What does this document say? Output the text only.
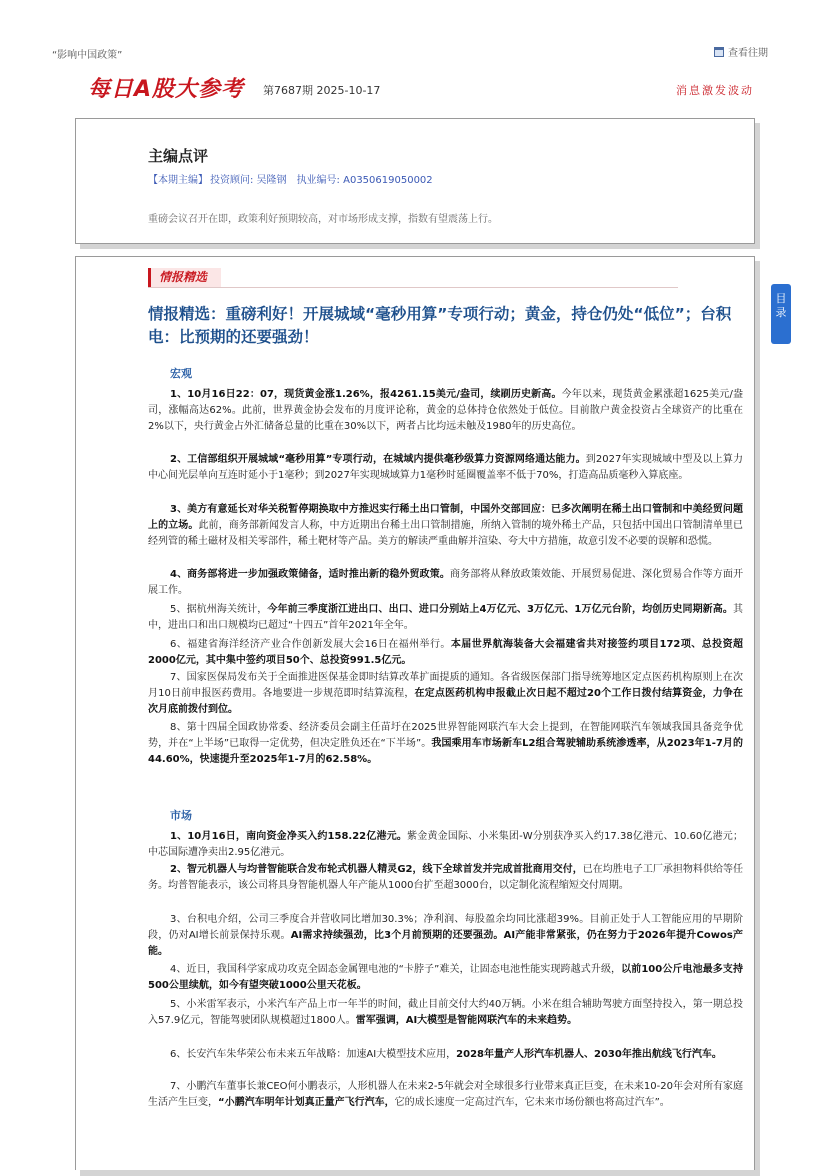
“影响中国政策”	查看往期
每日A股大参考 第7687期 2025-10-17	消息激发波动
主编点评
【本期主编】 投资顾问: 吴隆钢 执业编号: A0350619050002
重磅会议召开在即，政策利好预期较高，对市场形成支撑，指数有望震荡上行。
情报精选
情报精选：重磅利好！开展城域“毫秒用算”专项行动；黄金，持仓仍处“低位”；台积电：比预期的还要强劲！
宏观
市场

1、10月16日22：07，现货黄金涨1.26%，报4261.15美元/盎司，续刷历史新高。今年以来，现货黄金累涨超1625美元/盎司，涨幅高达62%。此前，世界黄金协会发布的月度评论称，黄金的总体持仓依然处于低位。目前散户黄金投资占全球资产的比重在2%以下，央行黄金占外汇储备总量的比重在30%以下，两者占比均远未触及1980年的历史高位。

2、工信部组织开展城域“毫秒用算”专项行动，在城域内提供毫秒级算力资源网络通达能力。到2027年实现城域中型及以上算力中心间光层单向互连时延小于1毫秒；到2027年实现城域算力1毫秒时延圈覆盖率不低于70%，打造高品质毫秒入算底座。

3、美方有意延长对华关税暂停期换取中方推迟实行稀土出口管制，中国外交部回应：已多次阐明在稀土出口管制和中美经贸问题上的立场。此前，商务部新闻发言人称，中方近期出台稀土出口管制措施，所纳入管制的境外稀土产品，只包括中国出口管制清单里已经列管的稀土磁材及相关零部件，稀土靶材等产品。美方的解读严重曲解并渲染、夸大中方措施，故意引发不必要的误解和恐慌。

4、商务部将进一步加强政策储备，适时推出新的稳外贸政策。商务部将从释放政策效能、开展贸易促进、深化贸易合作等方面开展工作。

5、据杭州海关统计，今年前三季度浙江进出口、出口、进口分别站上4万亿元、3万亿元、1万亿元台阶，均创历史同期新高。其中，进出口和出口规模均已超过“十四五”首年2021年全年。

6、福建省海洋经济产业合作创新发展大会16日在福州举行。本届世界航海装备大会福建省共对接签约项目172项、总投资超2000亿元，其中集中签约项目50个、总投资991.5亿元。

7、国家医保局发布关于全面推进医保基金即时结算改革扩面提质的通知。各省级医保部门指导统筹地区定点医药机构原则上在次月10日前申报医药费用。各地要进一步规范即时结算流程，在定点医药机构申报截止次日起不超过20个工作日拨付结算资金，力争在次月底前拨付到位。

8、第十四届全国政协常委、经济委员会副主任苗圩在2025世界智能网联汽车大会上提到，在智能网联汽车领域我国具备竞争优势，并在“上半场”已取得一定优势，但决定胜负还在“下半场”。我国乘用车市场新车L2组合驾驶辅助系统渗透率，从2023年1-7月的44.60%，快速提升至2025年1-7月的62.58%。

1、10月16日，南向资金净买入约158.22亿港元。紫金黄金国际、小米集团-W分别获净买入约17.38亿港元、10.60亿港元；中芯国际遭净卖出2.95亿港元。

2、智元机器人与均普智能联合发布轮式机器人精灵G2，线下全球首发并完成首批商用交付，已在均胜电子工厂承担物料供给等任务。均普智能表示，该公司将具身智能机器人年产能从1000台扩至超3000台，以定制化流程缩短交付周期。

3、台积电介绍，公司三季度合并营收同比增加30.3%；净利润、每股盈余均同比涨超39%。目前正处于人工智能应用的早期阶段，仍对AI增长前景保持乐观。AI需求持续强劲，比3个月前预期的还要强劲。AI产能非常紧张，仍在努力于2026年提升Cowos产能。

4、近日，我国科学家成功攻克全固态金属锂电池的“卡脖子”难关，让固态电池性能实现跨越式升级，以前100公斤电池最多支持500公里续航，如今有望突破1000公里天花板。

5、小米雷军表示，小米汽车产品上市一年半的时间，截止目前交付大约40万辆。小米在组合辅助驾驶方面坚持投入，第一期总投入57.9亿元，智能驾驶团队规模超过1800人。雷军强调，AI大模型是智能网联汽车的未来趋势。

6、长安汽车朱华荣公布未来五年战略：加速AI大模型技术应用，2028年量产人形汽车机器人、2030年推出航线飞行汽车。

7、小鹏汽车董事长兼CEO何小鹏表示，人形机器人在未来2-5年就会对全球很多行业带来真正巨变，在未来10-20年会对所有家庭生活产生巨变，“小鹏汽车明年计划真正量产飞行汽车，它的成长速度一定高过汽车，它未来市场份额也将高过汽车”。

目录
